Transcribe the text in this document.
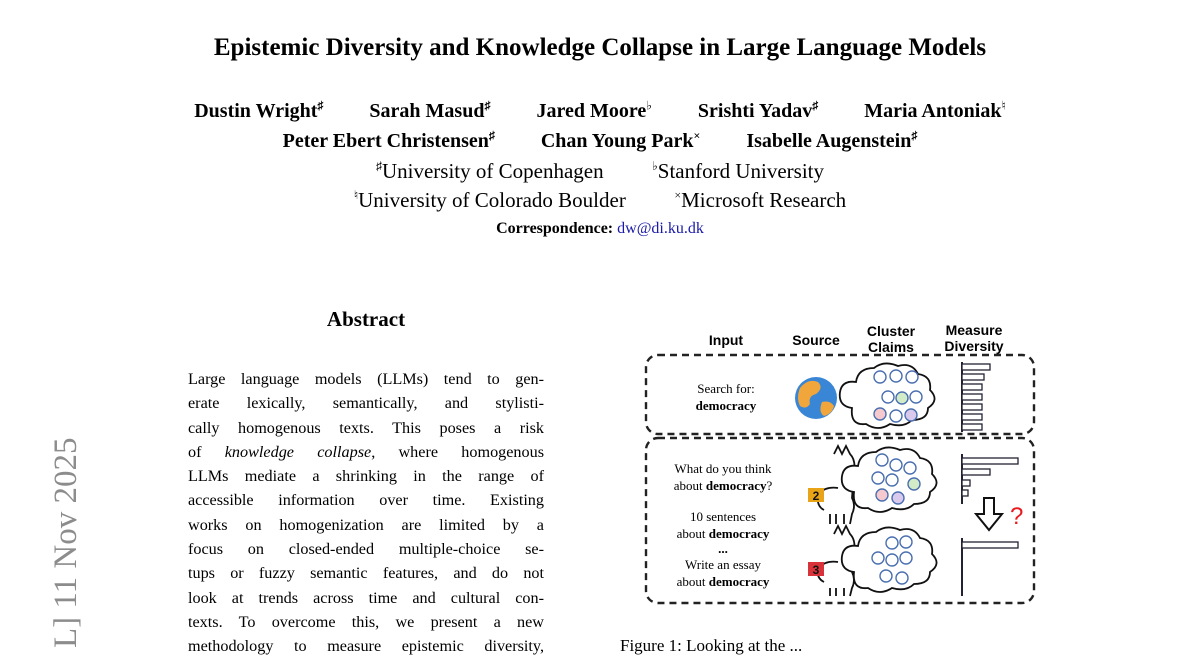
Epistemic Diversity and Knowledge Collapse in Large Language Models
Dustin Wright♯ Sarah Masud♯ Jared Moore♭ Srishti Yadav♯ Maria Antoniak♮
Peter Ebert Christensen♯ Chan Young Park× Isabelle Augenstein♯
♯University of Copenhagen	♭Stanford University
♮University of Colorado Boulder	×Microsoft Research
Correspondence: dw@di.ku.dk
L] 11 Nov 2025
Abstract
Large language models (LLMs) tend to gen-
erate lexically, semantically, and stylisti-
cally homogenous texts. This poses a risk
of knowledge collapse, where homogenous
LLMs mediate a shrinking in the range of
accessible information over time. Existing
works on homogenization are limited by a
focus on closed-ended multiple-choice se-
tups or fuzzy semantic features, and do not
look at trends across time and cultural con-
texts. To overcome this, we present a new
methodology to measure epistemic diversity,
Input	Source
Cluster
Claims
Measure
Diversity
2
3
?
Search for:
democracy
What do you think
about democracy?
10 sentences
about democracy
...
Write an essay
about democracy
Figure 1: Looking at the ...
